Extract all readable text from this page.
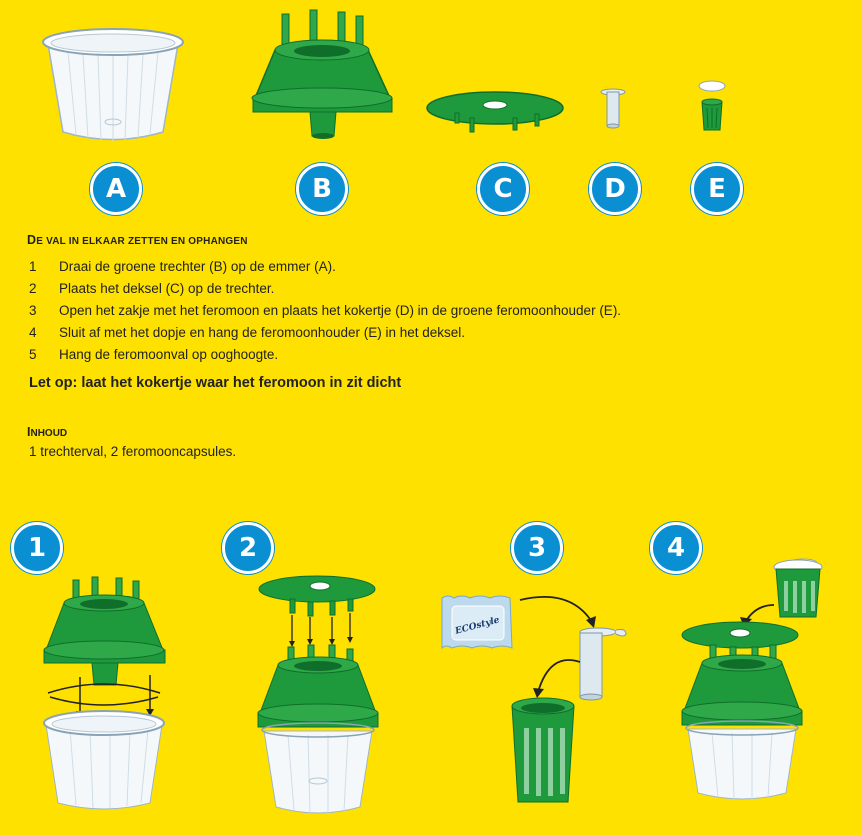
A	B	C	D	E
DE VAL IN ELKAAR ZETTEN EN OPHANGEN
1	Draai de groene trechter (B) op de emmer (A).
2	Plaats het deksel (C) op de trechter.
3	Open het zakje met het feromoon en plaats het kokertje (D) in de groene feromoonhouder (E).
4	Sluit af met het dopje en hang de feromoonhouder (E) in het deksel.
5	Hang de feromoonval op ooghoogte.
Let op: laat het kokertje waar het feromoon in zit dicht
INHOUD
1 trechterval, 2 feromooncapsules.
1	2	3	4
ECOstyle
